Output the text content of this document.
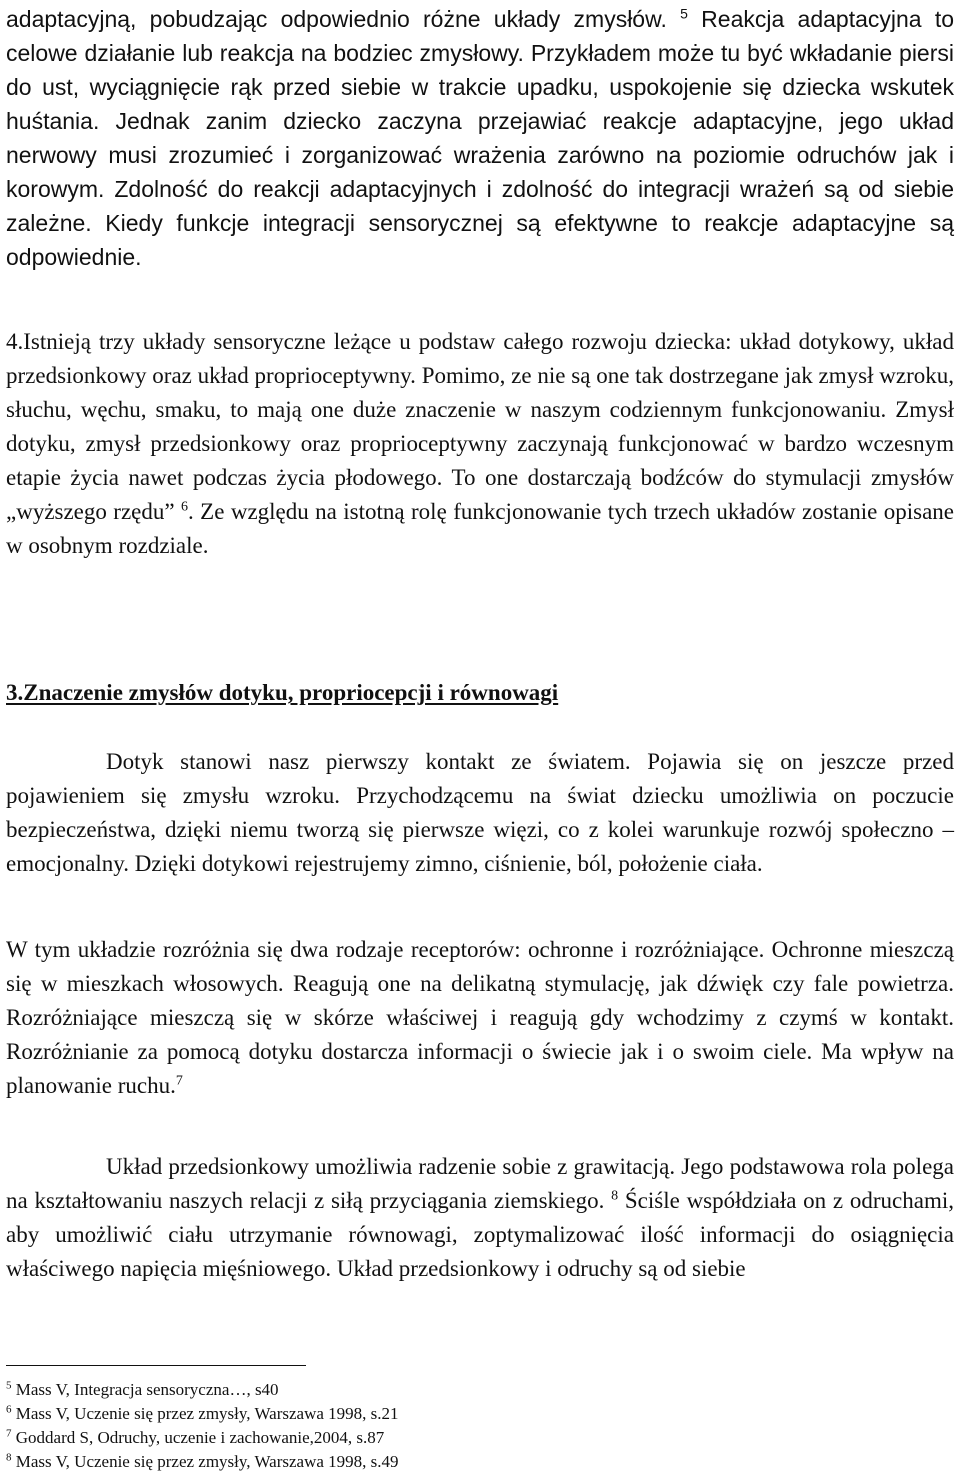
adaptacyjną, pobudzając odpowiednio różne układy zmysłów. $^5$ Reakcja adaptacyjna to celowe działanie lub reakcja na bodziec zmysłowy. Przykładem może tu być wkładanie piersi do ust, wyciągnięcie rąk przed siebie w trakcie upadku, uspokojenie się dziecka wskutek huśtania. Jednak zanim dziecko zaczyna przejawiać reakcje adaptacyjne, jego układ nerwowy musi zrozumieć i zorganizować wrażenia zarówno na poziomie odruchów jak i korowym. Zdolność do reakcji adaptacyjnych i zdolność do integracji wrażeń są od siebie zależne. Kiedy funkcje integracji sensorycznej są efektywne to reakcje adaptacyjne są odpowiednie.

4.Istnieją trzy układy sensoryczne leżące u podstaw całego rozwoju dziecka: układ dotykowy, układ przedsionkowy oraz układ proprioceptywny. Pomimo, ze nie są one tak dostrzegane jak zmysł wzroku, słuchu, węchu, smaku, to mają one duże znaczenie w naszym codziennym funkcjonowaniu. Zmysł dotyku, zmysł przedsionkowy oraz proprioceptywny zaczynają funkcjonować w bardzo wczesnym etapie życia nawet podczas życia płodowego. To one dostarczają bodźców do stymulacji zmysłów „wyższego rzędu” $^6$. Ze względu na istotną rolę funkcjonowanie tych trzech układów zostanie opisane w osobnym rozdziale.

3.Znaczenie zmysłów dotyku, propriocepcji i równowagi

Dotyk stanowi nasz pierwszy kontakt ze światem. Pojawia się on jeszcze przed pojawieniem się zmysłu wzroku. Przychodzącemu na świat dziecku umożliwia on poczucie bezpieczeństwa, dzięki niemu tworzą się pierwsze więzi, co z kolei warunkuje rozwój społeczno – emocjonalny. Dzięki dotykowi rejestrujemy zimno, ciśnienie, ból, położenie ciała.

W tym układzie rozróżnia się dwa rodzaje receptorów: ochronne i rozróżniające. Ochronne mieszczą się w mieszkach włosowych. Reagują one na delikatną stymulację, jak dźwięk czy fale powietrza. Rozróżniające mieszczą się w skórze właściwej i reagują gdy wchodzimy z czymś w kontakt. Rozróżnianie za pomocą dotyku dostarcza informacji o świecie jak i o swoim ciele. Ma wpływ na planowanie ruchu.$^7$

Układ przedsionkowy umożliwia radzenie sobie z grawitacją. Jego podstawowa rola polega na kształtowaniu naszych relacji z siłą przyciągania ziemskiego. $^8$ Ściśle współdziała on z odruchami, aby umożliwić ciału utrzymanie równowagi, zoptymalizować ilość informacji do osiągnięcia właściwego napięcia mięśniowego. Układ przedsionkowy i odruchy są od siebie

$^5$ Mass V, Integracja sensoryczna…, s40

$^6$ Mass V, Uczenie się przez zmysły, Warszawa 1998, s.21

$^7$ Goddard S, Odruchy, uczenie i zachowanie,2004, s.87

$^8$ Mass V, Uczenie się przez zmysły, Warszawa 1998, s.49
